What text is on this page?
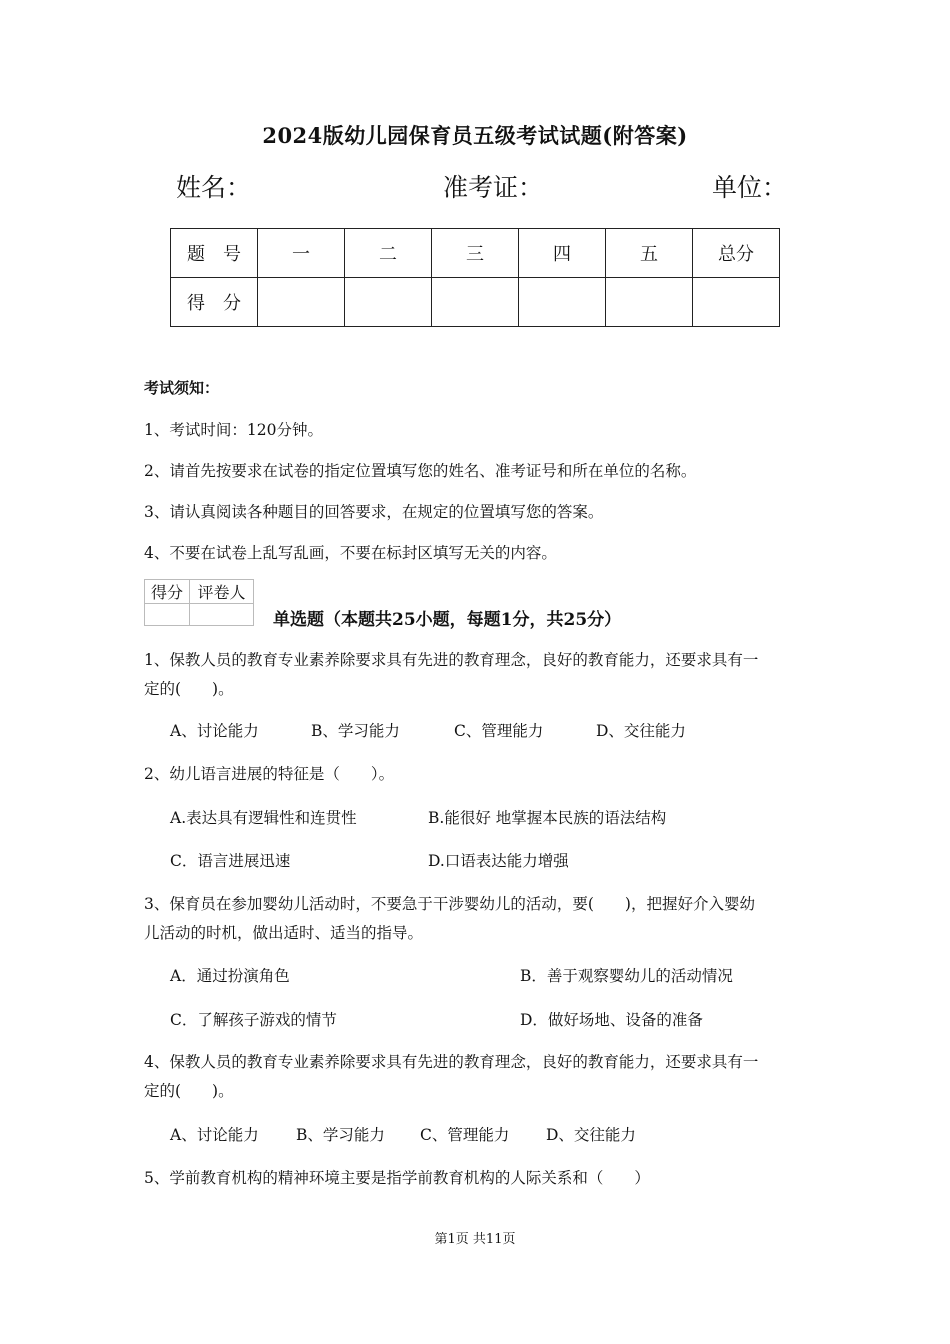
2024版幼儿园保育员五级考试试题(附答案)
姓名：	准考证：	单位：
题　号	一	二	三	四	五	总分
得　分						
考试须知：
1、考试时间：120分钟。
2、请首先按要求在试卷的指定位置填写您的姓名、准考证号和所在单位的名称。
3、请认真阅读各种题目的回答要求，在规定的位置填写您的答案。
4、不要在试卷上乱写乱画，不要在标封区填写无关的内容。
得分	评卷人

单选题（本题共25小题，每题1分，共25分）
1、保教人员的教育专业素养除要求具有先进的教育理念，良好的教育能力，还要求具有一
定的(　　)。
A、讨论能力	B、学习能力	C、管理能力	D、交往能力
2、幼儿语言进展的特征是（　　）。
A.表达具有逻辑性和连贯性	B.能很好 地掌握本民族的语法结构
C．语言进展迅速	D.口语表达能力增强
3、保育员在参加婴幼儿活动时，不要急于干涉婴幼儿的活动，要(　　)，把握好介入婴幼
儿活动的时机，做出适时、适当的指导。
A．通过扮演角色	B．善于观察婴幼儿的活动情况
C．了解孩子游戏的情节	D．做好场地、设备的准备
4、保教人员的教育专业素养除要求具有先进的教育理念，良好的教育能力，还要求具有一
定的(　　)。
A、讨论能力 B、学习能力 C、管理能力 D、交往能力
5、学前教育机构的精神环境主要是指学前教育机构的人际关系和（　　）
第1页 共11页
